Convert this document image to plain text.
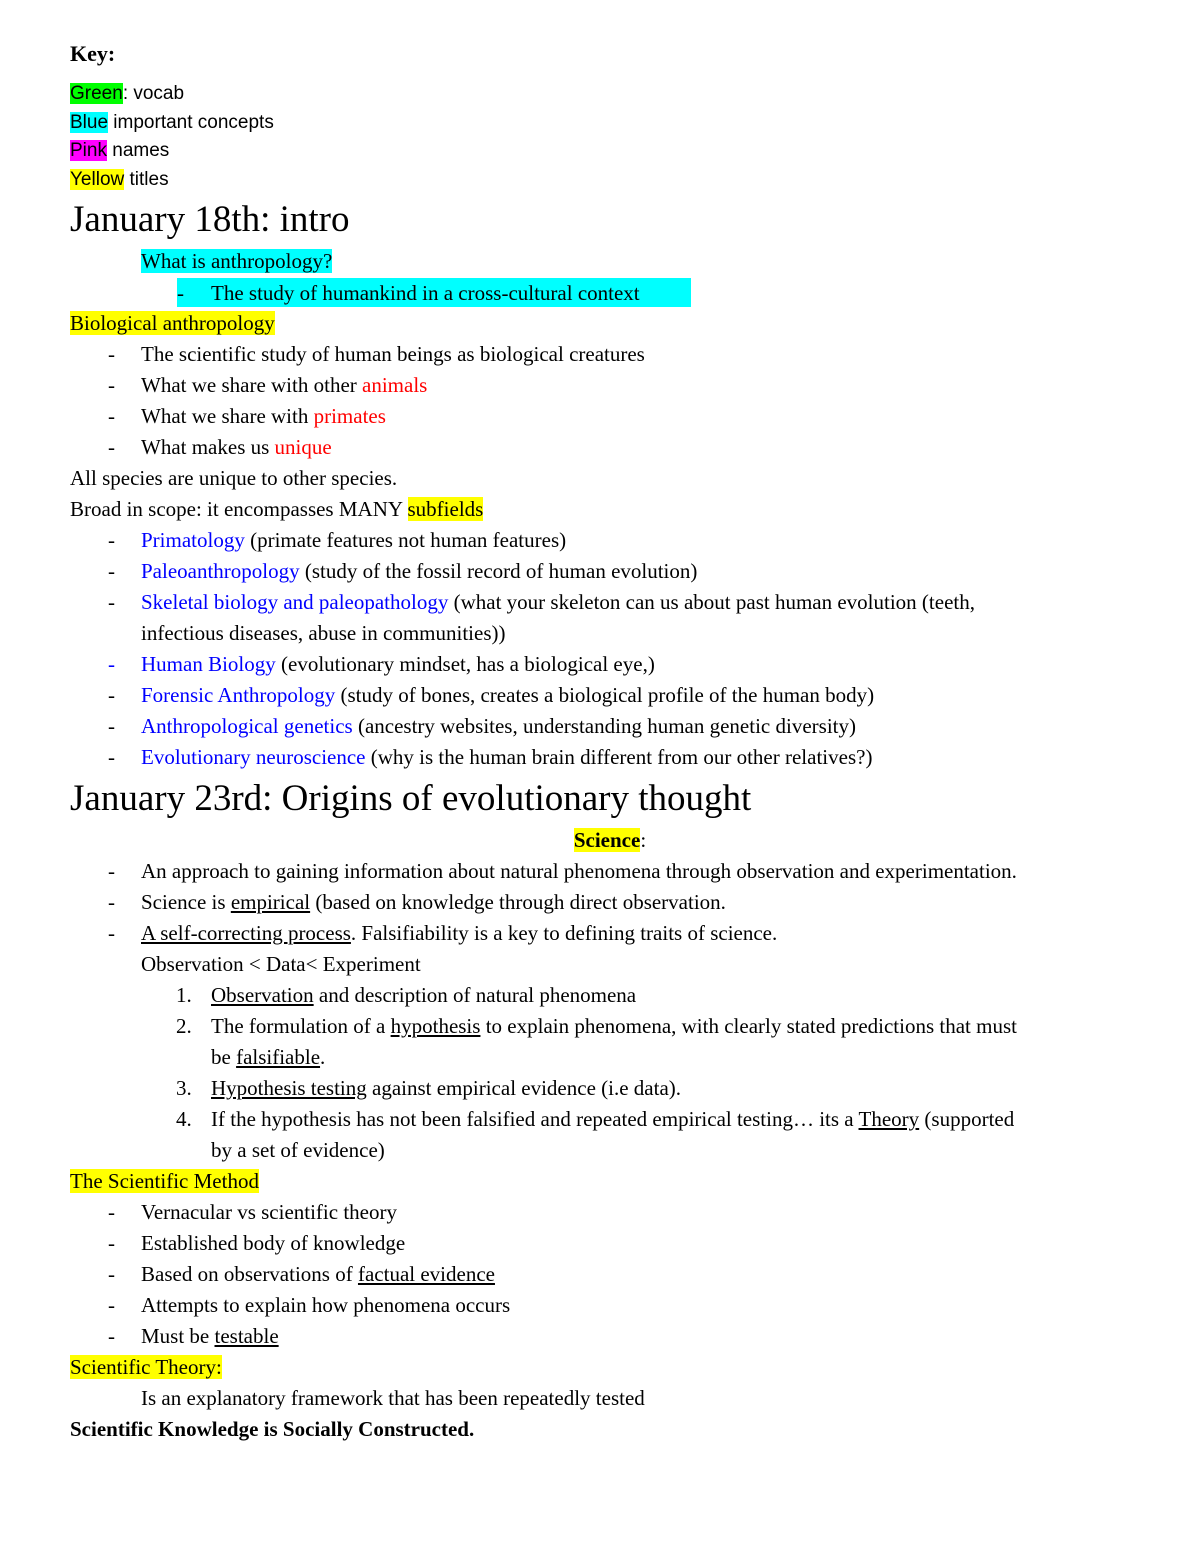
Key:
Green: vocab
Blue important concepts
Pink names
Yellow titles
January 18th: intro
What is anthropology?
- The study of humankind in a cross-cultural context
Biological anthropology
- The scientific study of human beings as biological creatures
- What we share with other animals
- What we share with primates
- What makes us unique
All species are unique to other species.
Broad in scope: it encompasses MANY subfields
- Primatology (primate features not human features)
- Paleoanthropology (study of the fossil record of human evolution)
- Skeletal biology and paleopathology (what your skeleton can us about past human evolution (teeth,
infectious diseases, abuse in communities))
- Human Biology (evolutionary mindset, has a biological eye,)
- Forensic Anthropology (study of bones, creates a biological profile of the human body)
- Anthropological genetics (ancestry websites, understanding human genetic diversity)
- Evolutionary neuroscience (why is the human brain different from our other relatives?)
January 23rd: Origins of evolutionary thought
Science:
- An approach to gaining information about natural phenomena through observation and experimentation.
- Science is empirical (based on knowledge through direct observation.
- A self-correcting process. Falsifiability is a key to defining traits of science.
Observation < Data< Experiment
1. Observation and description of natural phenomena
2. The formulation of a hypothesis to explain phenomena, with clearly stated predictions that must
be falsifiable.
3. Hypothesis testing against empirical evidence (i.e data).
4. If the hypothesis has not been falsified and repeated empirical testing… its a Theory (supported
by a set of evidence)
The Scientific Method
- Vernacular vs scientific theory
- Established body of knowledge
- Based on observations of factual evidence
- Attempts to explain how phenomena occurs
- Must be testable
Scientific Theory:
Is an explanatory framework that has been repeatedly tested
Scientific Knowledge is Socially Constructed.
